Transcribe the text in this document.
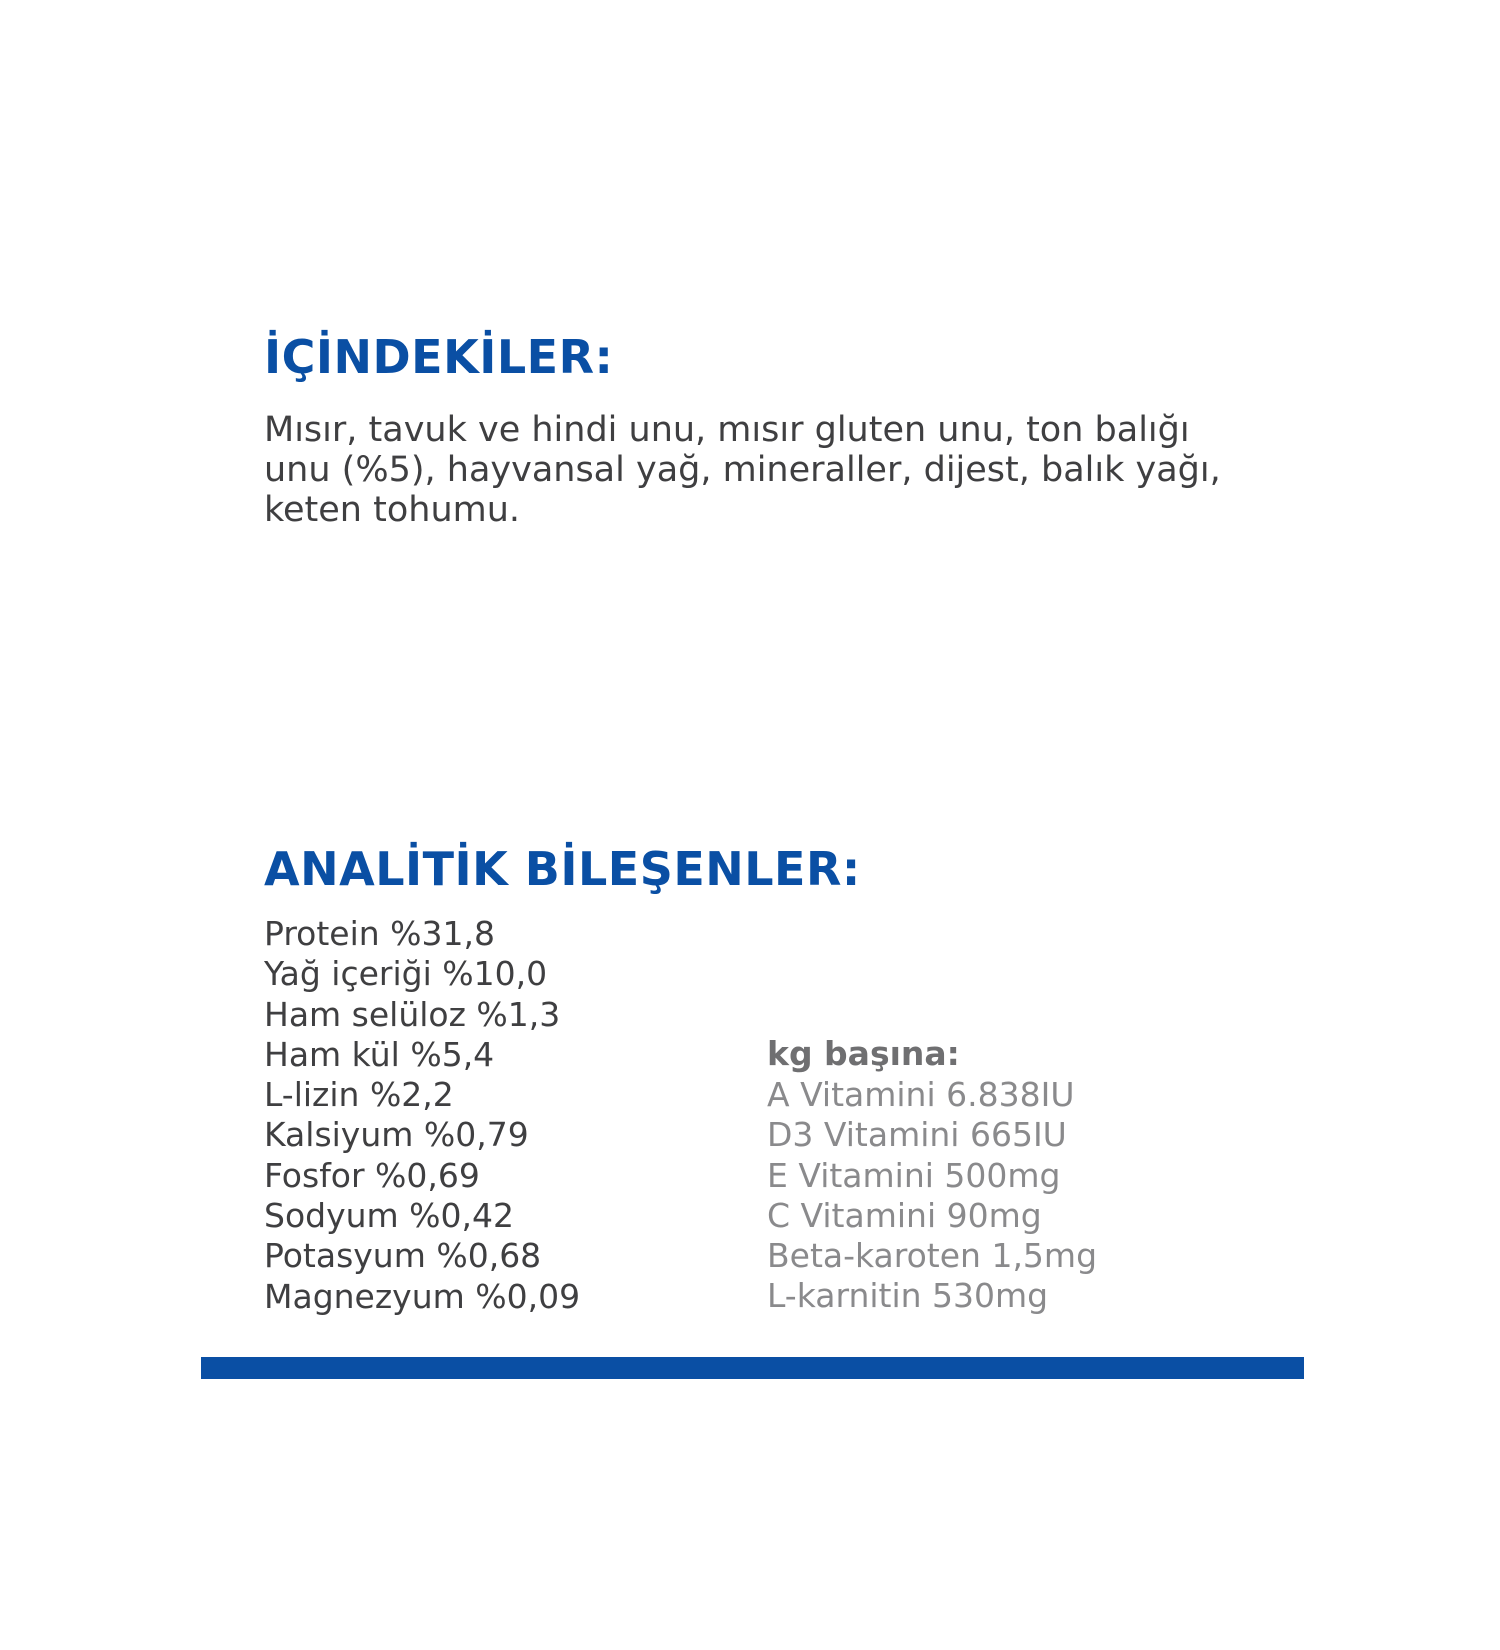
İÇİNDEKİLER:

Mısır, tavuk ve hindi unu, mısır gluten unu, ton balığı
unu (%5), hayvansal yağ, mineraller, dijest, balık yağı,
keten tohumu.

ANALİTİK BİLEŞENLER:
Protein %31,8
Yağ içeriği %10,0
Ham selüloz %1,3
Ham kül %5,4
L-lizin %2,2
Kalsiyum %0,79
Fosfor %0,69
Sodyum %0,42
Potasyum %0,68
Magnezyum %0,09

kg başına:

A Vitamini 6.838IU
D3 Vitamini 665IU
E Vitamini 500mg
C Vitamini 90mg
Beta-karoten 1,5mg
L-karnitin 530mg
